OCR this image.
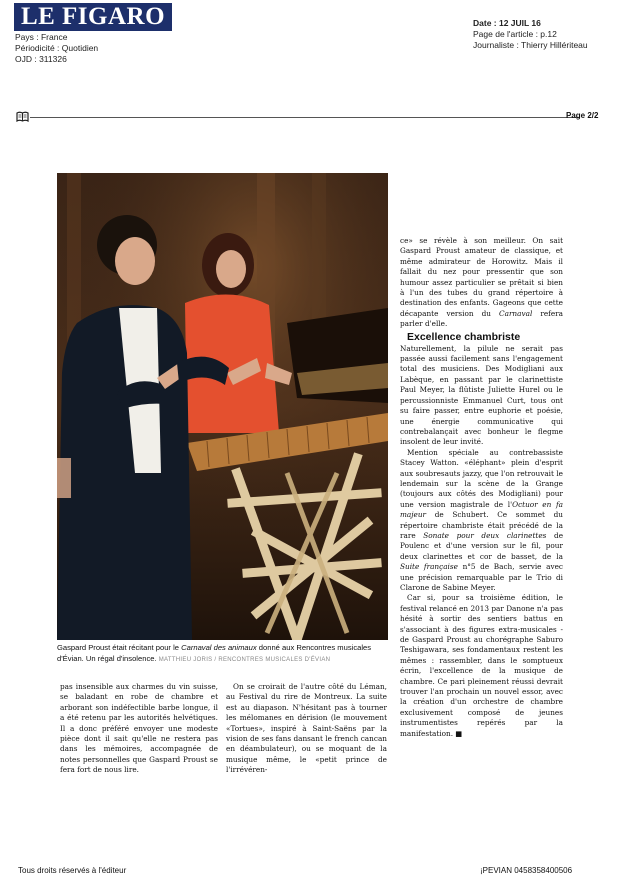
LE FIGARO
Pays : France
Périodicité : Quotidien
OJD : 311326
Date : 12 JUIL 16
Page de l'article : p.12
Journaliste : Thierry Hillériteau
Page 2/2
Gaspard Proust était récitant pour le Carnaval des animaux donné aux Rencontres musicales d'Évian. Un régal d'insolence. MATTHIEU JORIS / RENCONTRES MUSICALES D'ÉVIAN

pas insensible aux charmes du vin suisse, se baladant en robe de chambre et arborant son indéfectible barbe longue, il a été retenu par les autorités helvétiques. Il a donc préféré envoyer une modeste pièce dont il sait qu'elle ne restera pas dans les mémoires, accompagnée de notes personnelles que Gaspard Proust se fera fort de nous lire.

On se croirait de l'autre côté du Léman, au Festival du rire de Montreux. La suite est au diapason. N'hésitant pas à tourner les mélomanes en dérision (le mouvement «Tortues», inspiré à Saint-Saëns par la vision de ses fans dansant le french cancan en déambulateur), ou se moquant de la musique même, le «petit prince de l'irrévéren-

ce» se révèle à son meilleur. On sait Gaspard Proust amateur de classique, et même admirateur de Horowitz. Mais il fallait du nez pour pressentir que son humour assez particulier se prêtait si bien à l'un des tubes du grand répertoire à destination des enfants. Gageons que cette décapante version du Carnaval refera parler d'elle.

Excellence chambriste

Naturellement, la pilule ne serait pas passée aussi facilement sans l'engagement total des musiciens. Des Modigliani aux Labèque, en passant par le clarinettiste Paul Meyer, la flûtiste Juliette Hurel ou le percussionniste Emmanuel Curt, tous ont su faire passer, entre euphorie et poésie, une énergie communicative qui contrebalançait avec bonheur le flegme insolent de leur invité.

Mention spéciale au contrebassiste Stacey Watton. «éléphant» plein d'esprit aux soubresauts jazzy, que l'on retrouvait le lendemain sur la scène de la Grange (toujours aux côtés des Modigliani) pour une version magistrale de l'Octuor en fa majeur de Schubert. Ce sommet du répertoire chambriste était précédé de la rare Sonate pour deux clarinettes de Poulenc et d'une version sur le fil, pour deux clarinettes et cor de basset, de la Suite française n°5 de Bach, servie avec une précision remarquable par le Trio di Clarone de Sabine Meyer.

Car si, pour sa troisième édition, le festival relancé en 2013 par Danone n'a pas hésité à sortir des sentiers battus en s'associant à des figures extra-musicales - de Gaspard Proust au chorégraphe Saburo Teshigawara, ses fondamentaux restent les mêmes : rassembler, dans le somptueux écrin, l'excellence de la musique de chambre. Ce pari pleinement réussi devrait trouver l'an prochain un nouvel essor, avec la création d'un orchestre de chambre exclusivement composé de jeunes instrumentistes repérés par la manifestation. ■

Tous droits réservés à l'éditeur	¡PEVIAN 0458358400506
